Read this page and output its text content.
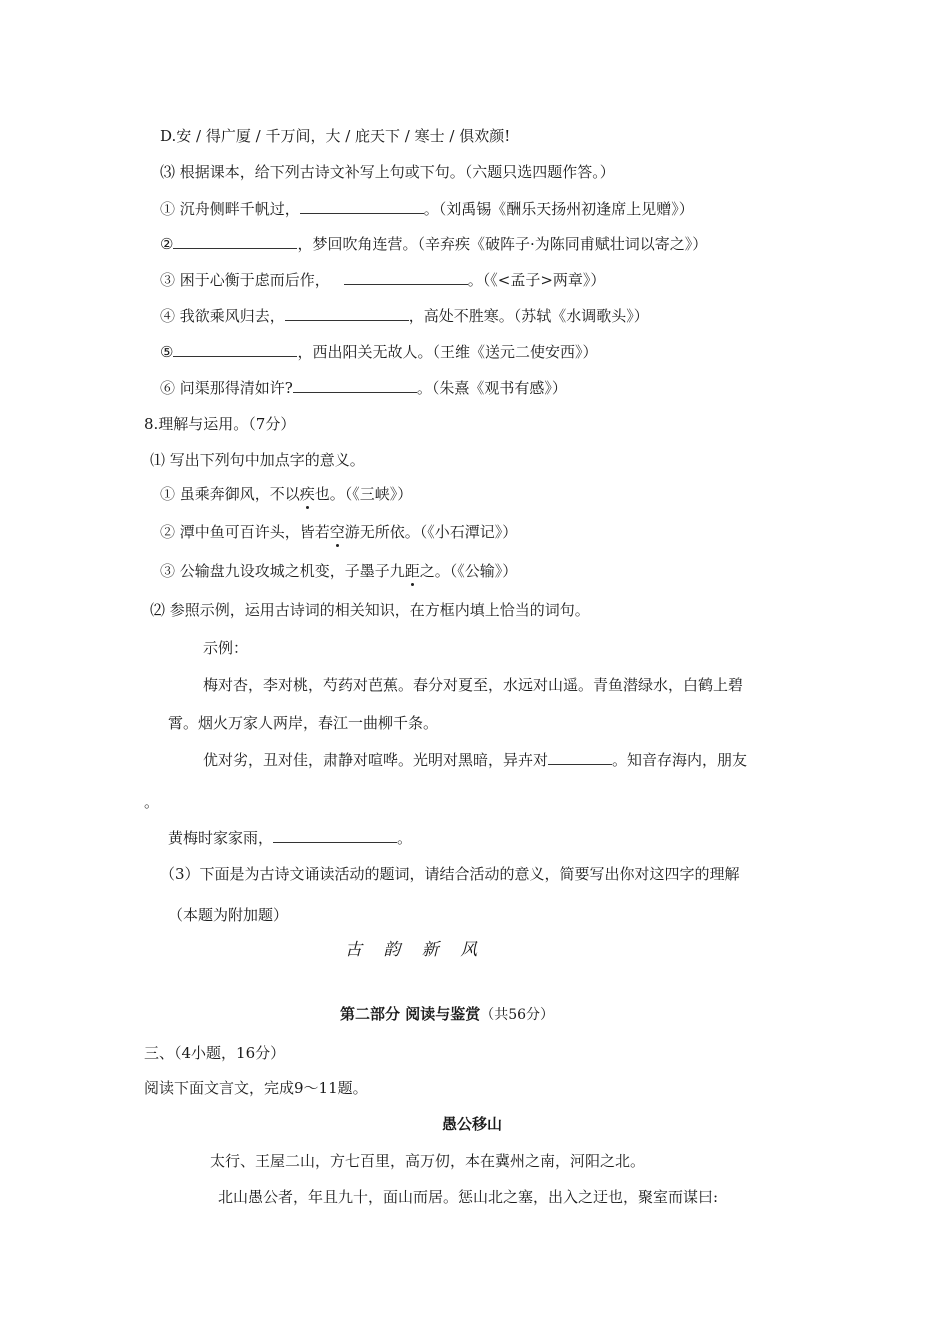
D.安 / 得广厦 / 千万间，大 / 庇天下 / 寒士 / 俱欢颜!
⑶ 根据课本，给下列古诗文补写上句或下句。（六题只选四题作答。）
① 沉舟侧畔千帆过，	。（刘禹锡《酬乐天扬州初逢席上见赠》）
②	，梦回吹角连营。（辛弃疾《破阵子·为陈同甫赋壮词以寄之》）
③ 困于心衡于虑而后作，	。（《<孟子>两章》）
④ 我欲乘风归去，	，高处不胜寒。（苏轼《水调歌头》）
⑤	，西出阳关无故人。（王维《送元二使安西》）
⑥ 问渠那得清如许?	。（朱熹《观书有感》）
8.理解与运用。（7分）
⑴ 写出下列句中加点字的意义。
① 虽乘奔御风，不以疾也。（《三峡》）
② 潭中鱼可百许头，皆若空游无所依。（《小石潭记》）
③ 公输盘九设攻城之机变，子墨子九距之。（《公输》）
⑵ 参照示例，运用古诗词的相关知识，在方框内填上恰当的词句。
示例：
梅对杏，李对桃，芍药对芭蕉。春分对夏至，水远对山遥。青鱼潜绿水，白鹤上碧
霄。烟火万家人两岸，春江一曲柳千条。
优对劣，丑对佳，肃静对喧哗。光明对黑暗，异卉对	。知音存海内，朋友
。
黄梅时家家雨，	。
（3）下面是为古诗文诵读活动的题词，请结合活动的意义，简要写出你对这四字的理解
（本题为附加题）
古 韵 新 风
第二部分 阅读与鉴赏（共56分）
三、（4小题，16分）
阅读下面文言文，完成9～11题。
愚公移山
太行、王屋二山，方七百里，高万仞，本在冀州之南，河阳之北。
北山愚公者，年且九十，面山而居。惩山北之塞，出入之迂也，聚室而谋曰:
